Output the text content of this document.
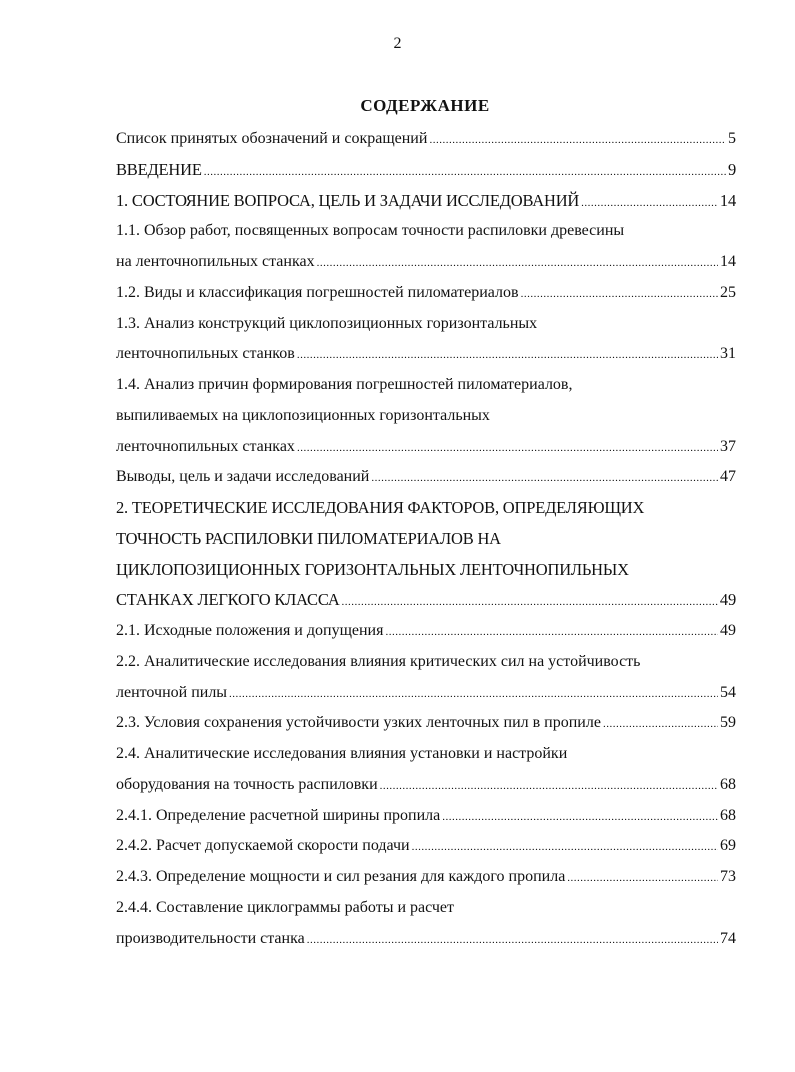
2
СОДЕРЖАНИЕ
Список принятых обозначений и сокращений .....	5
ВВЕДЕНИЕ .....	9
1. СОСТОЯНИЕ ВОПРОСА, ЦЕЛЬ И ЗАДАЧИ ИССЛЕДОВАНИЙ .....	14
1.1. Обзор работ, посвященных вопросам точности распиловки древесины
на ленточнопильных станках .....	14
1.2. Виды и классификация погрешностей пиломатериалов .....	25
1.3. Анализ конструкций циклопозиционных горизонтальных
ленточнопильных станков .....	31
1.4. Анализ причин формирования погрешностей пиломатериалов,
выпиливаемых на циклопозиционных горизонтальных
ленточнопильных станках .....	37
Выводы, цель и задачи исследований .....	47
2. ТЕОРЕТИЧЕСКИЕ ИССЛЕДОВАНИЯ ФАКТОРОВ, ОПРЕДЕЛЯЮЩИХ
ТОЧНОСТЬ РАСПИЛОВКИ ПИЛОМАТЕРИАЛОВ НА
ЦИКЛОПОЗИЦИОННЫХ ГОРИЗОНТАЛЬНЫХ ЛЕНТОЧНОПИЛЬНЫХ
СТАНКАХ ЛЕГКОГО КЛАССА .....	49
2.1. Исходные положения и допущения .....	49
2.2. Аналитические исследования влияния критических сил на устойчивость
ленточной пилы .....	54
2.3. Условия сохранения устойчивости узких ленточных пил в пропиле .....	59
2.4. Аналитические исследования влияния установки и настройки
оборудования на точность распиловки .....	68
2.4.1. Определение расчетной ширины пропила .....	68
2.4.2. Расчет допускаемой скорости подачи .....	69
2.4.3. Определение мощности и сил резания для каждого пропила .....	73
2.4.4. Составление циклограммы работы и расчет
производительности станка .....	74
